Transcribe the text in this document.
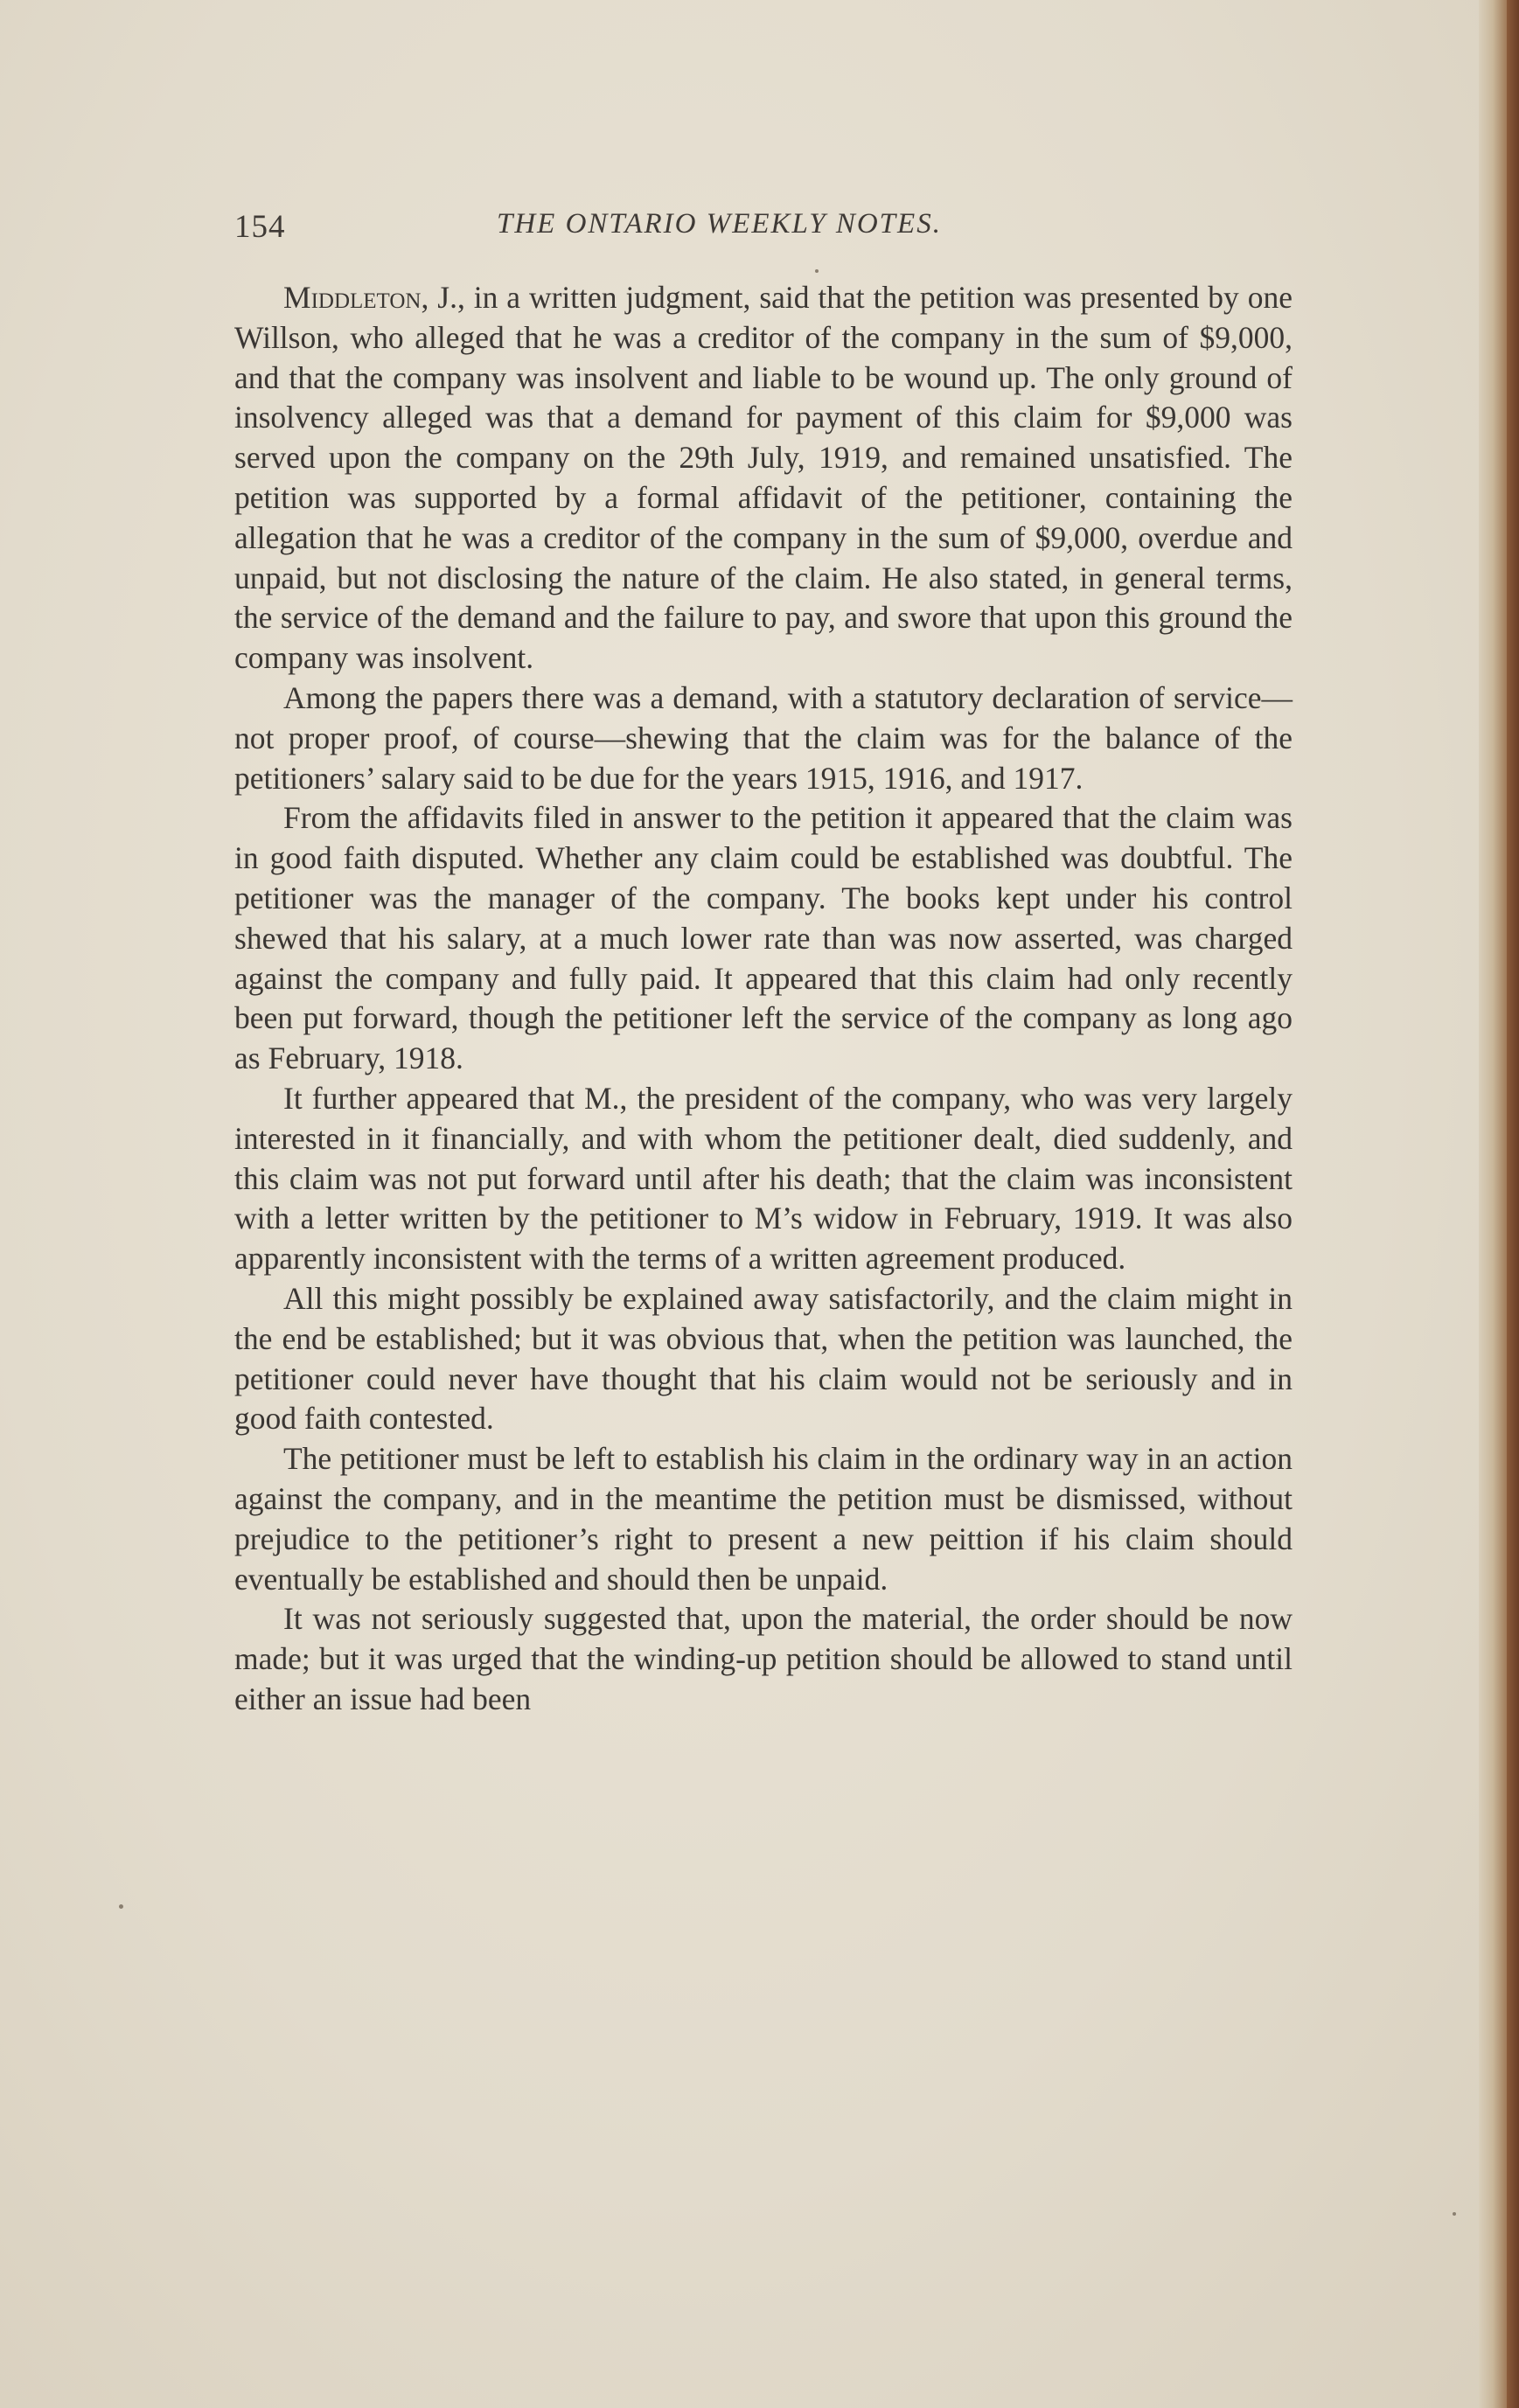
154	THE ONTARIO WEEKLY NOTES.

Middleton, J., in a written judgment, said that the petition was presented by one Willson, who alleged that he was a creditor of the company in the sum of $9,000, and that the company was insolvent and liable to be wound up. The only ground of insolvency alleged was that a demand for payment of this claim for $9,000 was served upon the company on the 29th July, 1919, and remained unsatisfied. The petition was supported by a formal affidavit of the petitioner, containing the allegation that he was a creditor of the company in the sum of $9,000, overdue and unpaid, but not disclosing the nature of the claim. He also stated, in general terms, the service of the demand and the failure to pay, and swore that upon this ground the company was insolvent.

Among the papers there was a demand, with a statutory declaration of service—not proper proof, of course—shewing that the claim was for the balance of the petitioners’ salary said to be due for the years 1915, 1916, and 1917.

From the affidavits filed in answer to the petition it appeared that the claim was in good faith disputed. Whether any claim could be established was doubtful. The petitioner was the manager of the company. The books kept under his control shewed that his salary, at a much lower rate than was now asserted, was charged against the company and fully paid. It appeared that this claim had only recently been put forward, though the petitioner left the service of the company as long ago as February, 1918.

It further appeared that M., the president of the company, who was very largely interested in it financially, and with whom the petitioner dealt, died suddenly, and this claim was not put forward until after his death; that the claim was inconsistent with a letter written by the petitioner to M’s widow in February, 1919. It was also apparently inconsistent with the terms of a written agreement produced.

All this might possibly be explained away satisfactorily, and the claim might in the end be established; but it was obvious that, when the petition was launched, the petitioner could never have thought that his claim would not be seriously and in good faith contested.

The petitioner must be left to establish his claim in the ordinary way in an action against the company, and in the meantime the petition must be dismissed, without prejudice to the petitioner’s right to present a new peittion if his claim should eventually be established and should then be unpaid.

It was not seriously suggested that, upon the material, the order should be now made; but it was urged that the winding-up petition should be allowed to stand until either an issue had been
